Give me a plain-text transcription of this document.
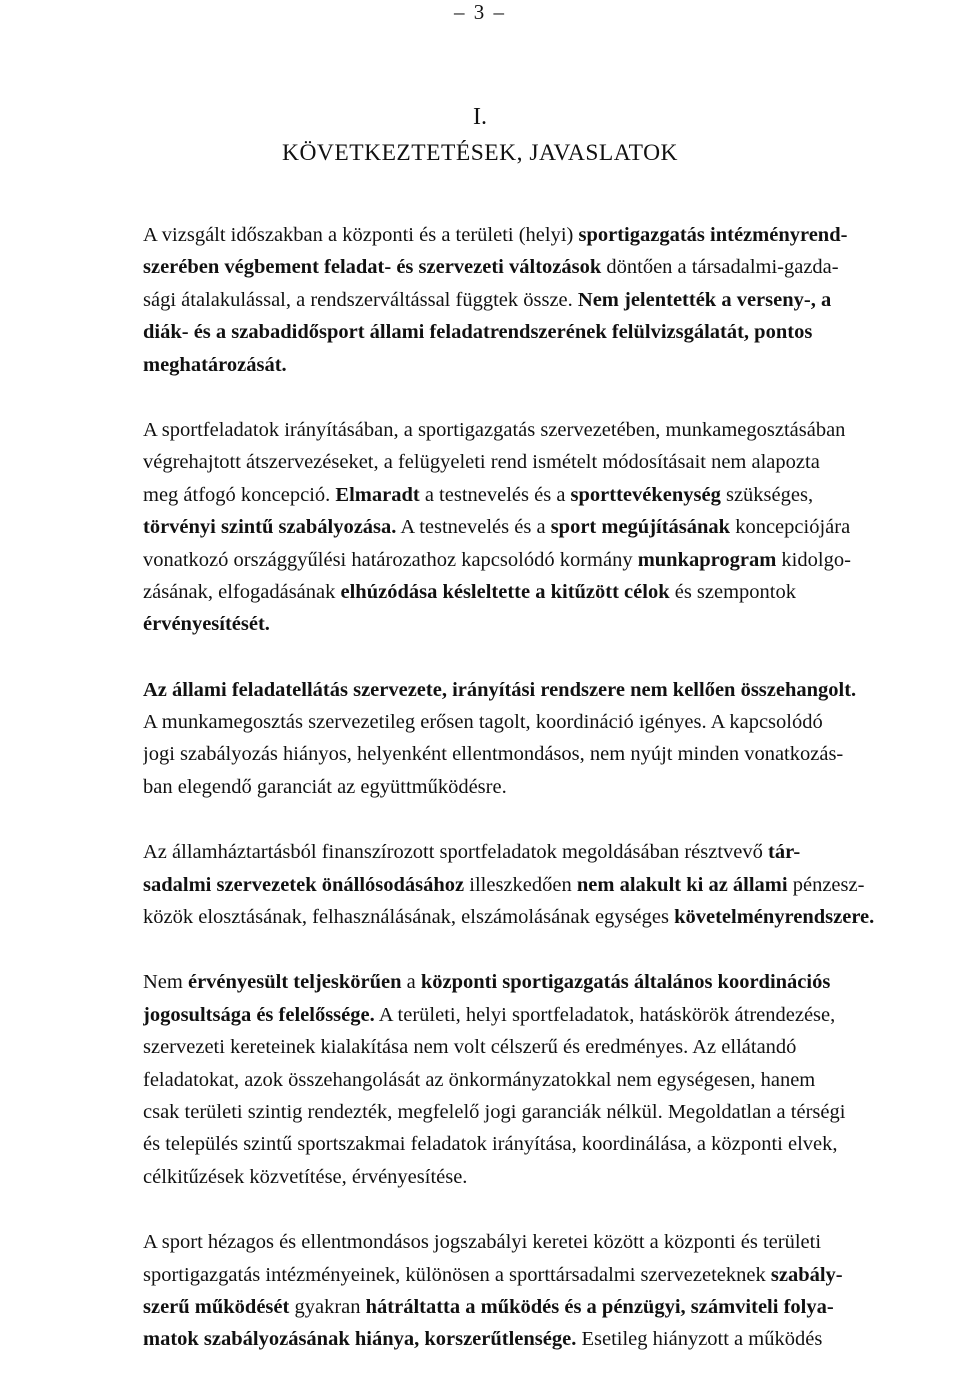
– 3 –
I.
KÖVETKEZTETÉSEK, JAVASLATOK
A vizsgált időszakban a központi és a területi (helyi) sportigazgatás intézményrend-
szerében végbement feladat- és szervezeti változások döntően a társadalmi-gazda-
sági átalakulással, a rendszerváltással függtek össze. Nem jelentették a verseny-, a
diák- és a szabadidősport állami feladatrendszerének felülvizsgálatát, pontos
meghatározását.
A sportfeladatok irányításában, a sportigazgatás szervezetében, munkamegosztásában
végrehajtott átszervezéseket, a felügyeleti rend ismételt módosításait nem alapozta
meg átfogó koncepció. Elmaradt a testnevelés és a sporttevékenység szükséges,
törvényi szintű szabályozása. A testnevelés és a sport megújításának koncepciójára
vonatkozó országgyűlési határozathoz kapcsolódó kormány munkaprogram kidolgo-
zásának, elfogadásának elhúzódása késleltette a kitűzött célok és szempontok
érvényesítését.
Az állami feladatellátás szervezete, irányítási rendszere nem kellően összehangolt.
A munkamegosztás szervezetileg erősen tagolt, koordináció igényes. A kapcsolódó
jogi szabályozás hiányos, helyenként ellentmondásos, nem nyújt minden vonatkozás-
ban elegendő garanciát az együttműködésre.
Az államháztartásból finanszírozott sportfeladatok megoldásában résztvevő tár-
sadalmi szervezetek önállósodásához illeszkedően nem alakult ki az állami pénzesz-
közök elosztásának, felhasználásának, elszámolásának egységes követelményrendszere.
Nem érvényesült teljeskörűen a központi sportigazgatás általános koordinációs
jogosultsága és felelőssége. A területi, helyi sportfeladatok, hatáskörök átrendezése,
szervezeti kereteinek kialakítása nem volt célszerű és eredményes. Az ellátandó
feladatokat, azok összehangolását az önkormányzatokkal nem egységesen, hanem
csak területi szintig rendezték, megfelelő jogi garanciák nélkül. Megoldatlan a térségi
és település szintű sportszakmai feladatok irányítása, koordinálása, a központi elvek,
célkitűzések közvetítése, érvényesítése.
A sport hézagos és ellentmondásos jogszabályi keretei között a központi és területi
sportigazgatás intézményeinek, különösen a sporttársadalmi szervezeteknek szabály-
szerű működését gyakran hátráltatta a működés és a pénzügyi, számviteli folya-
matok szabályozásának hiánya, korszerűtlensége. Esetileg hiányzott a működés
